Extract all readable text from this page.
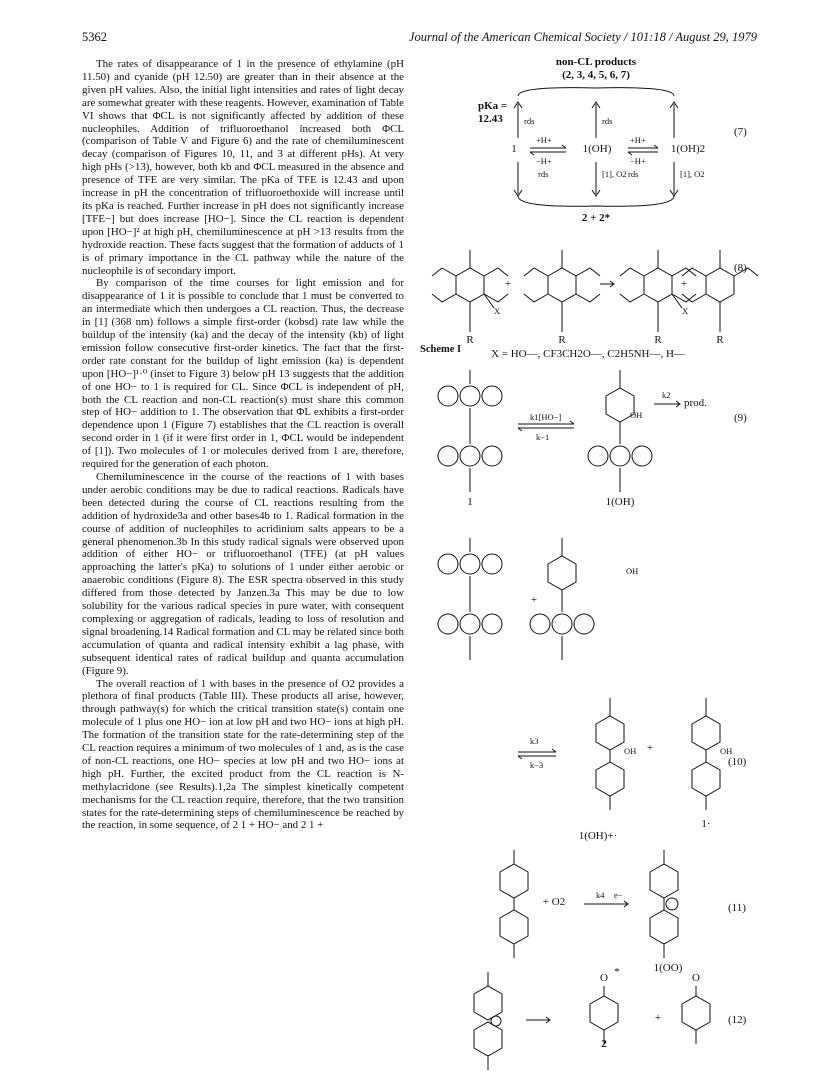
5362	Journal of the American Chemical Society / 101:18 / August 29, 1979

The rates of disappearance of 1 in the presence of ethylamine (pH 11.50) and cyanide (pH 12.50) are greater than in their absence at the given pH values. Also, the initial light intensities and rates of light decay are somewhat greater with these reagents. However, examination of Table VI shows that ΦCL is not significantly affected by addition of these nucleophiles. Addition of trifluoroethanol increased both ΦCL (comparison of Table V and Figure 6) and the rate of chemiluminescent decay (comparison of Figures 10, 11, and 3 at different pHs). At very high pHs (>13), however, both kb and ΦCL measured in the absence and presence of TFE are very similar. The pKa of TFE is 12.43 and upon increase in pH the concentration of trifluoroethoxide will increase until its pKa is reached. Further increase in pH does not significantly increase [TFE−] but does increase [HO−]. Since the CL reaction is dependent upon [HO−]² at high pH, chemiluminescence at pH >13 results from the hydroxide reaction. These facts suggest that the formation of adducts of 1 is of primary importance in the CL pathway while the nature of the nucleophile is of secondary import.

By comparison of the time courses for light emission and for disappearance of 1 it is possible to conclude that 1 must be converted to an intermediate which then undergoes a CL reaction. Thus, the decrease in [1] (368 nm) follows a simple first-order (kobsd) rate law while the buildup of the intensity (ka) and the decay of the intensity (kb) of light emission follow consecutive first-order kinetics. The fact that the first-order rate constant for the buildup of light emission (ka) is dependent upon [HO−]¹·⁰ (inset to Figure 3) below pH 13 suggests that the addition of one HO− to 1 is required for CL. Since ΦCL is independent of pH, both the CL reaction and non-CL reaction(s) must share this common step of HO− addition to 1. The observation that ΦL exhibits a first-order dependence upon 1 (Figure 7) establishes that the CL reaction is overall second order in 1 (if it were first order in 1, ΦCL would be independent of [1]). Two molecules of 1 or molecules derived from 1 are, therefore, required for the generation of each photon.

Chemiluminescence in the course of the reactions of 1 with bases under aerobic conditions may be due to radical reactions. Radicals have been detected during the course of CL reactions resulting from the addition of hydroxide3a and other bases4b to 1. Radical formation in the course of addition of nucleophiles to acridinium salts appears to be a general phenomenon.3b In this study radical signals were observed upon addition of either HO− or trifluoroethanol (TFE) (at pH values approaching the latter's pKa) to solutions of 1 under either aerobic or anaerobic conditions (Figure 8). The ESR spectra observed in this study differed from those detected by Janzen.3a This may be due to low solubility for the various radical species in pure water, with consequent complexing or aggregation of radicals, leading to loss of resolution and signal broadening.14 Radical formation and CL may be related since both accumulation of quanta and radical intensity exhibit a lag phase, with subsequent identical rates of radical buildup and quanta accumulation (Figure 9).

The overall reaction of 1 with bases in the presence of O2 provides a plethora of final products (Table III). These products all arise, however, through pathway(s) for which the critical transition state(s) contain one molecule of 1 plus one HO− ion at low pH and two HO− ions at high pH. The formation of the transition state for the rate-determining step of the CL reaction requires a minimum of two molecules of 1 and, as is the case of non-CL reactions, one HO− species at low pH and two HO− ions at high pH. Further, the excited product from the CL reaction is N-methylacridone (see Results).1,2a The simplest kinetically competent mechanisms for the CL reaction require, therefore, that the two transition states for the rate-determining steps of chemiluminescence be reached by the reaction, in some sequence, of 2 1 + HO− and 2 1 +

non-CL products
(2, 3, 4, 5, 6, 7)
pKa =
12.43	rds	rds
+H+	+H+
1	1(OH)	1(OH)2
−H+	−H+
rds	[1], O2 rds	[1], O2
2 + 2*
(7)
+	+
X	X
R	R	R	R
(8)
X = HO—, CF3CH2O—, C2H5NH—, H—
Scheme I
k1[HO−]
k−1
k2
prod.
OH
1	1(OH)
(9)
+
OH
k3
k−3
OH +	OH
1(OH)+·
1·
(10)
+ O2
k4 e−
1(OO)
(11)
O *
+
O
2
(12)
